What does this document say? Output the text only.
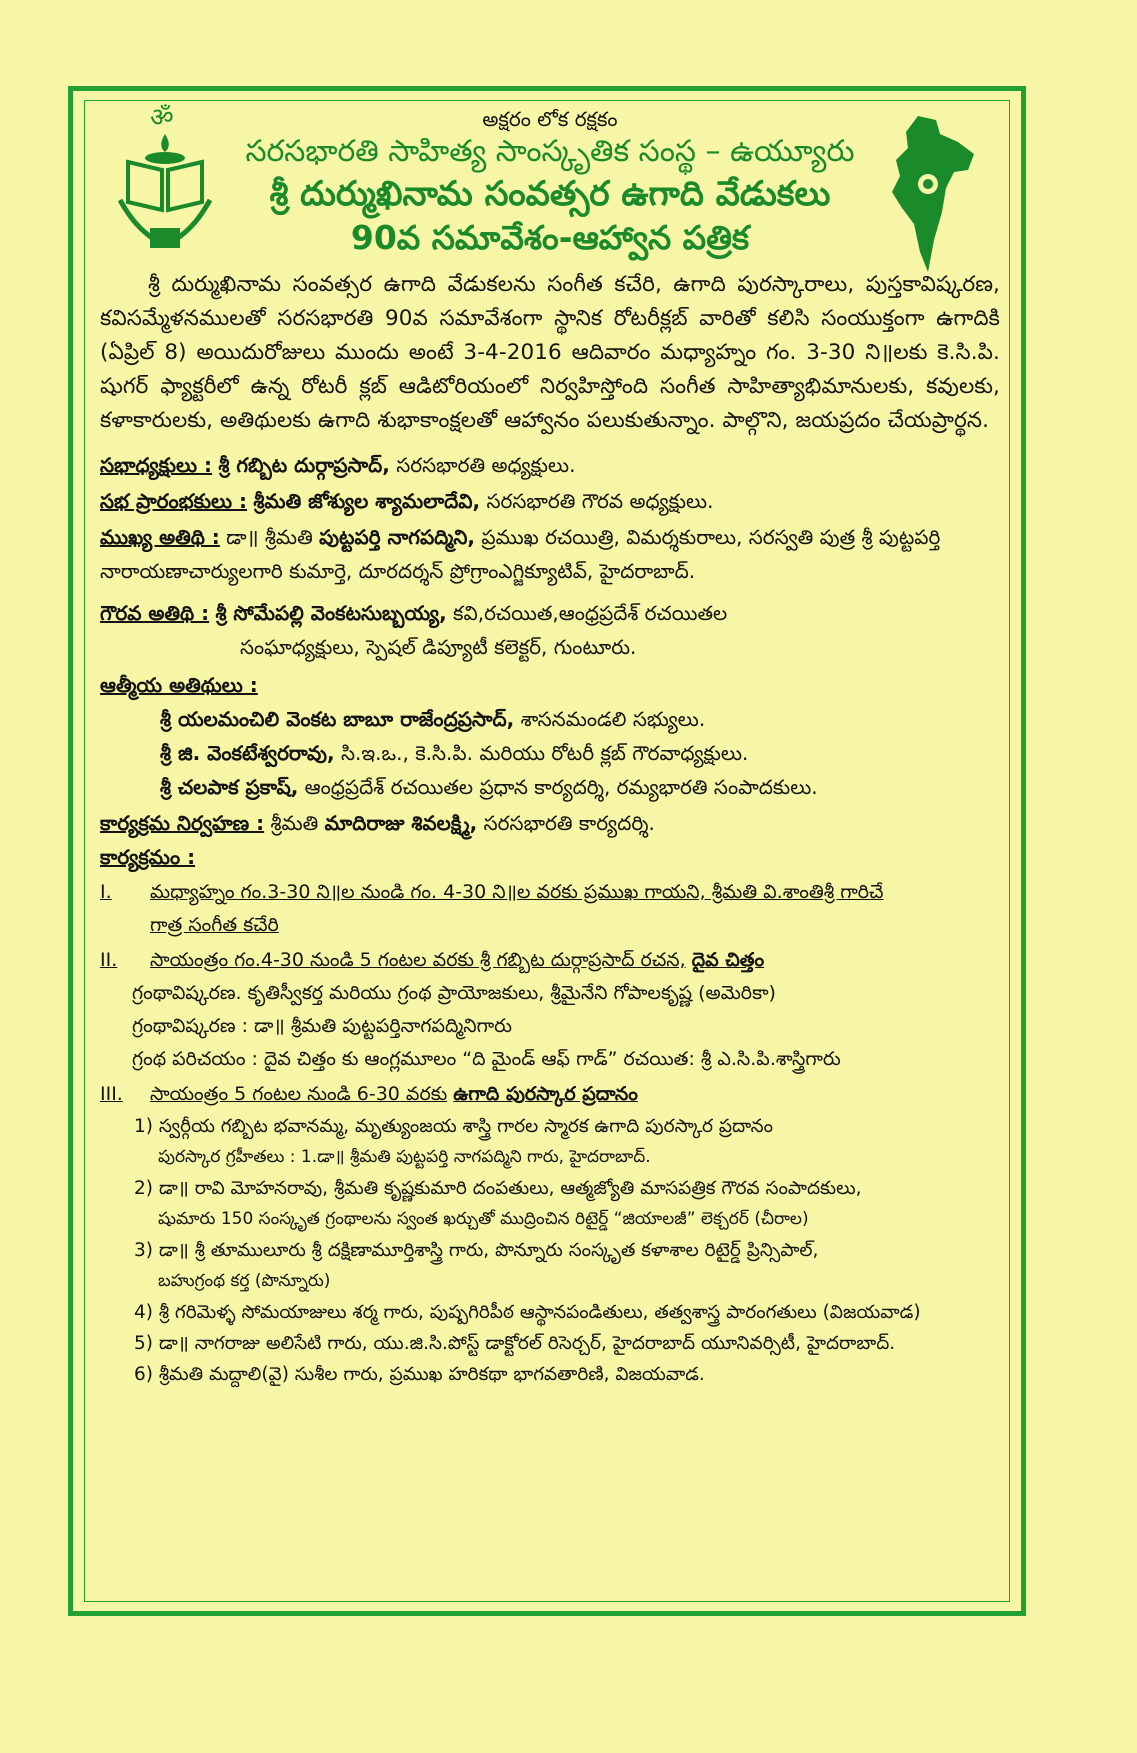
ॐ	అక్షరం లోక రక్షకం
సరసభారతి సాహిత్య సాంస్కృతిక సంస్థ – ఉయ్యూరు
శ్రీ దుర్ముఖినామ సంవత్సర ఉగాది వేడుకలు
90వ సమావేశం-ఆహ్వాన పత్రిక
శ్రీ దుర్ముఖినామ సంవత్సర ఉగాది వేడుకలను సంగీత కచేరి, ఉగాది పురస్కారాలు, పుస్తకావిష్కరణ, కవిసమ్మేళనములతో సరసభారతి 90వ సమావేశంగా స్థానిక రోటరీక్లబ్ వారితో కలిసి సంయుక్తంగా ఉగాదికి (ఏప్రిల్ 8) అయిదురోజులు ముందు అంటే 3-4-2016 ఆదివారం మధ్యాహ్నం గం. 3-30 ని॥లకు కె.సి.పి. షుగర్ ఫ్యాక్టరీలో ఉన్న రోటరీ క్లబ్ ఆడిటోరియంలో నిర్వహిస్తోంది సంగీత సాహిత్యాభిమానులకు, కవులకు, కళాకారులకు, అతిథులకు ఉగాది శుభాకాంక్షలతో ఆహ్వానం పలుకుతున్నాం. పాల్గొని, జయప్రదం చేయప్రార్థన.
సభాధ్యక్షులు : శ్రీ గబ్బిట దుర్గాప్రసాద్, సరసభారతి అధ్యక్షులు.
సభ ప్రారంభకులు : శ్రీమతి జోశ్యుల శ్యామలాదేవి, సరసభారతి గౌరవ అధ్యక్షులు.
ముఖ్య అతిథి : డా॥ శ్రీమతి పుట్టపర్తి నాగపద్మిని, ప్రముఖ రచయిత్రి, విమర్శకురాలు, సరస్వతి పుత్ర శ్రీ పుట్టపర్తి నారాయణాచార్యులగారి కుమార్తె, దూరదర్శన్ ప్రోగ్రాంఎగ్జిక్యూటివ్, హైదరాబాద్.
గౌరవ అతిథి : శ్రీ సోమేపల్లి వెంకటసుబ్బయ్య, కవి,రచయిత,ఆంధ్రప్రదేశ్ రచయితల
సంఘాధ్యక్షులు, స్పెషల్ డిప్యూటీ కలెక్టర్, గుంటూరు.
ఆత్మీయ అతిథులు :
శ్రీ యలమంచిలి వెంకట బాబూ రాజేంద్రప్రసాద్, శాసనమండలి సభ్యులు.
శ్రీ జి. వెంకటేశ్వరరావు, సి.ఇ.ఒ., కె.సి.పి. మరియు రోటరీ క్లబ్ గౌరవాధ్యక్షులు.
శ్రీ చలపాక ప్రకాష్, ఆంధ్రప్రదేశ్ రచయితల ప్రధాన కార్యదర్శి, రమ్యభారతి సంపాదకులు.
కార్యక్రమ నిర్వహణ : శ్రీమతి మాదిరాజు శివలక్ష్మి, సరసభారతి కార్యదర్శి.
కార్యక్రమం :
I. మధ్యాహ్నం గం.3-30 ని॥ల నుండి గం. 4-30 ని॥ల వరకు ప్రముఖ గాయని, శ్రీమతి వి.శాంతిశ్రీ గారిచే
గాత్ర సంగీత కచేరి
II. సాయంత్రం గం.4-30 నుండి 5 గంటల వరకు శ్రీ గబ్బిట దుర్గాప్రసాద్ రచన, దైవ చిత్తం
గ్రంథావిష్కరణ. కృతిస్వీకర్త మరియు గ్రంథ ప్రాయోజకులు, శ్రీమైనేని గోపాలకృష్ణ (అమెరికా)
గ్రంథావిష్కరణ : డా॥ శ్రీమతి పుట్టపర్తినాగపద్మినిగారు
గ్రంథ పరిచయం : దైవ చిత్తం కు ఆంగ్లమూలం “ది మైండ్ ఆఫ్ గాడ్” రచయిత: శ్రీ ఎ.సి.పి.శాస్త్రిగారు
III. సాయంత్రం 5 గంటల నుండి 6-30 వరకు ఉగాది పురస్కార ప్రదానం
1) స్వర్గీయ గబ్బిట భవానమ్మ, మృత్యుంజయ శాస్త్రి గారల స్మారక ఉగాది పురస్కార ప్రదానం
పురస్కార గ్రహీతలు : 1.డా॥ శ్రీమతి పుట్టపర్తి నాగపద్మిని గారు, హైదరాబాద్.
2) డా॥ రావి మోహనరావు, శ్రీమతి కృష్ణకుమారి దంపతులు, ఆత్మజ్యోతి మాసపత్రిక గౌరవ సంపాదకులు,
షుమారు 150 సంస్కృత గ్రంథాలను స్వంత ఖర్చుతో ముద్రించిన రిటైర్డ్ “జియాలజీ” లెక్చరర్ (చీరాల)
3) డా॥ శ్రీ తూములూరు శ్రీ దక్షిణామూర్తిశాస్త్రి గారు, పొన్నూరు సంస్కృత కళాశాల రిటైర్డ్ ప్రిన్సిపాల్,
బహుగ్రంథ కర్త (పొన్నూరు)
4) శ్రీ గరిమెళ్ళ సోమయాజులు శర్మ గారు, పుష్పగిరిపీఠ ఆస్థానపండితులు, తత్వశాస్త్ర పారంగతులు (విజయవాడ)
5) డా॥ నాగరాజు అలిసేటి గారు, యు.జి.సి.పోస్ట్ డాక్టోరల్ రిసెర్చర్, హైదరాబాద్ యూనివర్సిటీ, హైదరాబాద్.
6) శ్రీమతి మద్దాలి(వై) సుశీల గారు, ప్రముఖ హరికథా భాగవతారిణి, విజయవాడ.
